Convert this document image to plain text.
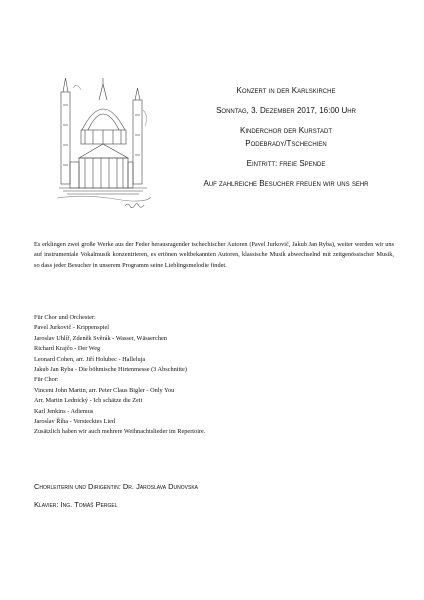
Konzert in der Karlskirche
Sonntag, 3. Dezember 2017, 16:00 Uhr
Kinderchor der Kurstadt
Podebrady/Tschechien
Eintritt: freie Spende
Auf zahlreiche Besucher freuen wir uns sehr
Es erklingen zwei große Werke aus der Feder herausragender tschechischer Autoren (Pavel Jurkovič, Jakub Jan Ryba), weiter werden wir uns auf instrumentale Vokalmusik konzentrieren, es ertönen weltbekannten Autoren, klassische Musik abwechselnd mit zeitgenössischer Musik, so dass jeder Besucher in unserem Programm seine Lieblingsmelodie findet.
Für Chor und Orchester:
Pavel Jurkovič - Krippenspiel
Jaroslav Uhlíř, Zdeněk Svěrák - Wasser, Wässerchen
Richard Krajčo - Der Weg
Leonard Cohen, arr. Jiří Holubec - Halleluja
Jakub Jan Ryba - Die böhmische Hirtenmesse (3 Abschnitte)
Für Chor:
Vincent John Martin, arr. Peter Claus Bigler - Only You
Arr. Martin Lednický - Ich schätze die Zeit
Karl Jenkins - Adiemus
Jaroslav Říha - Verstecktes Lied
Zusätzlich haben wir auch mehrere Weihnachtslieder im Repertoire.
Chorleiterin und Dirigentin: Dr. Jaroslava Dunovska
Klavier: Ing. Tomáš Pergel
